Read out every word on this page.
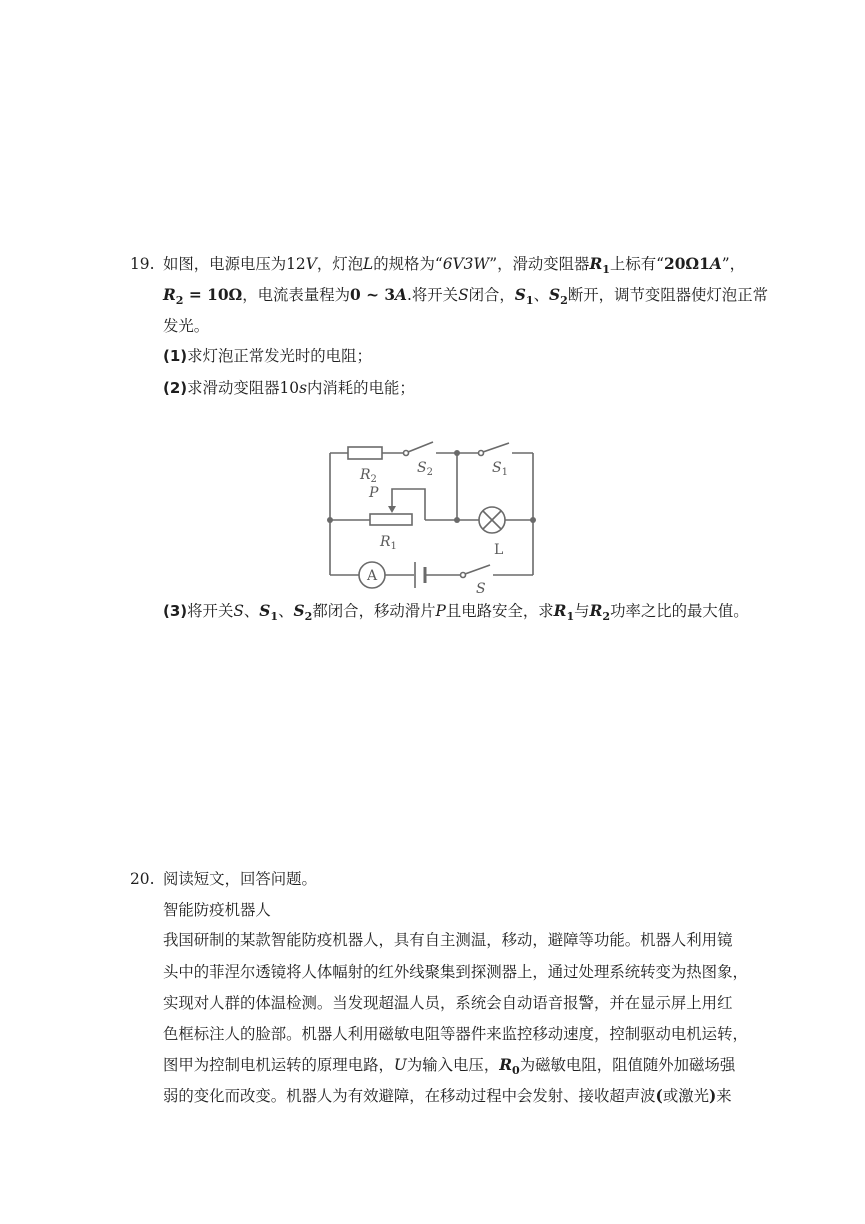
19. 如图，电源电压为12 V ，灯泡 L 的规格为“ 6V3W ”，滑动变阻器 R 1 上标有“ 20Ω1 A ”，
R 2 = 10Ω ，电流表量程为 0 ~ 3 A .将开关 S 闭合， S 1 、 S 2 断开，调节变阻器使灯泡正常
发光。
(1) 求灯泡正常发光时的电阻；
(2) 求滑动变阻器10 s 内消耗的电能；
$R_2$
$S_2$	$S_1$
P
$R_1$	L
A
S
(3) 将开关 S 、 S 1 、 S 2 都闭合，移动滑片 P 且电路安全，求 R 1 与 R 2 功率之比的最大值。
20. 阅读短文，回答问题。
智能防疫机器人
我国研制的某款智能防疫机器人，具有自主测温，移动，避障等功能。机器人利用镜
头中的菲涅尔透镜将人体幅射的红外线聚集到探测器上，通过处理系统转变为热图象，
实现对人群的体温检测。当发现超温人员，系统会自动语音报警，并在显示屏上用红
色框标注人的脸部。机器人利用磁敏电阻等器件来监控移动速度，控制驱动电机运转，
图甲为控制电机运转的原理电路， U 为输入电压， R 0 为磁敏电阻，阻值随外加磁场强
弱的变化而改变。机器人为有效避障，在移动过程中会发射、接收超声波 ( 或激光 ) 来
